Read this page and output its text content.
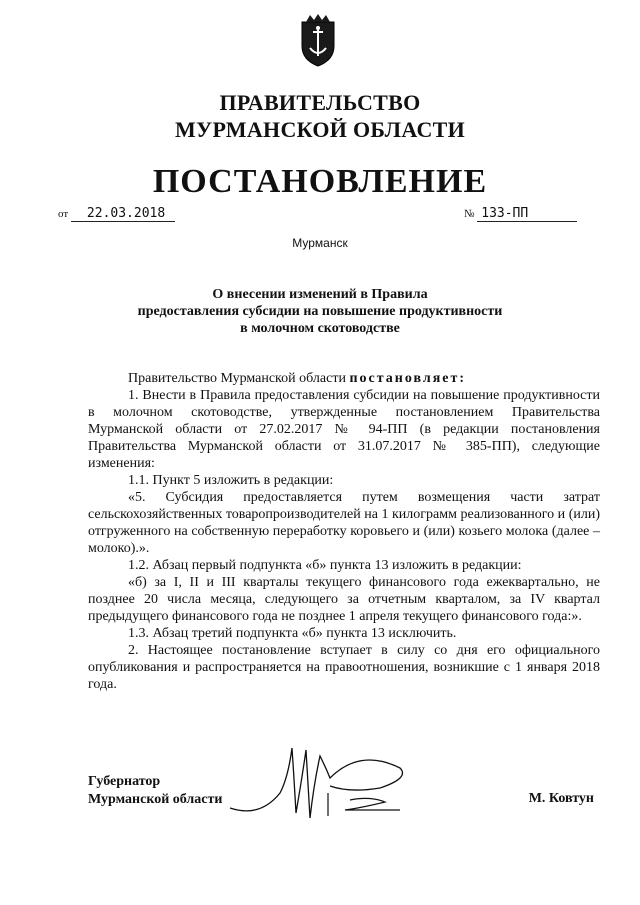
ПРАВИТЕЛЬСТВО
МУРМАНСКОЙ ОБЛАСТИ
ПОСТАНОВЛЕНИЕ
от 22.03.2018	№ 133-ПП
Мурманск
О внесении изменений в Правила
предоставления субсидии на повышение продуктивности
в молочном скотоводстве

Правительство Мурманской области постановляет:

1. Внести в Правила предоставления субсидии на повышение продуктивности в молочном скотоводстве, утвержденные постановлением Правительства Мурманской области от 27.02.2017 № 94-ПП (в редакции постановления Правительства Мурманской области от 31.07.2017 № 385-ПП), следующие изменения:

1.1. Пункт 5 изложить в редакции:

«5. Субсидия предоставляется путем возмещения части затрат сельскохозяйственных товаропроизводителей на 1 килограмм реализованного и (или) отгруженного на собственную переработку коровьего и (или) козьего молока (далее – молоко).».

1.2. Абзац первый подпункта «б» пункта 13 изложить в редакции:

«б) за I, II и III кварталы текущего финансового года ежеквартально, не позднее 20 числа месяца, следующего за отчетным кварталом, за IV квартал предыдущего финансового года не позднее 1 апреля текущего финансового года:».

1.3. Абзац третий подпункта «б» пункта 13 исключить.

2. Настоящее постановление вступает в силу со дня его официального опубликования и распространяется на правоотношения, возникшие с 1 января 2018 года.

Губернатор
Мурманской области	М. Ковтун
